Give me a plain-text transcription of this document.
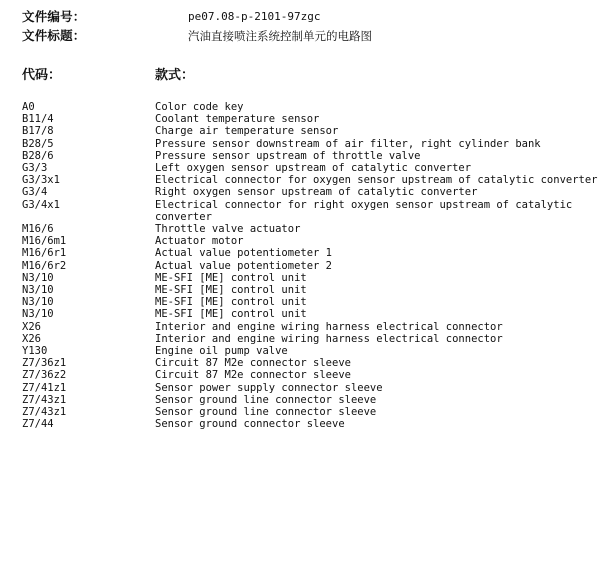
文件编号：	pe07.08-p-2101-97zgc
文件标题：	汽油直接喷注系统控制单元的电路图
代码：	款式：
A0	Color code key
B11/4	Coolant temperature sensor
B17/8	Charge air temperature sensor
B28/5	Pressure sensor downstream of air filter, right cylinder bank
B28/6	Pressure sensor upstream of throttle valve
G3/3	Left oxygen sensor upstream of catalytic converter
G3/3x1	Electrical connector for oxygen sensor upstream of catalytic converter
G3/4	Right oxygen sensor upstream of catalytic converter
G3/4x1	Electrical connector for right oxygen sensor upstream of catalytic converter
M16/6	Throttle valve actuator
M16/6m1	Actuator motor
M16/6r1	Actual value potentiometer 1
M16/6r2	Actual value potentiometer 2
N3/10	ME-SFI [ME] control unit
N3/10	ME-SFI [ME] control unit
N3/10	ME-SFI [ME] control unit
N3/10	ME-SFI [ME] control unit
X26	Interior and engine wiring harness electrical connector
X26	Interior and engine wiring harness electrical connector
Y130	Engine oil pump valve
Z7/36z1	Circuit 87 M2e connector sleeve
Z7/36z2	Circuit 87 M2e connector sleeve
Z7/41z1	Sensor power supply connector sleeve
Z7/43z1	Sensor ground line connector sleeve
Z7/43z1	Sensor ground line connector sleeve
Z7/44	Sensor ground connector sleeve
